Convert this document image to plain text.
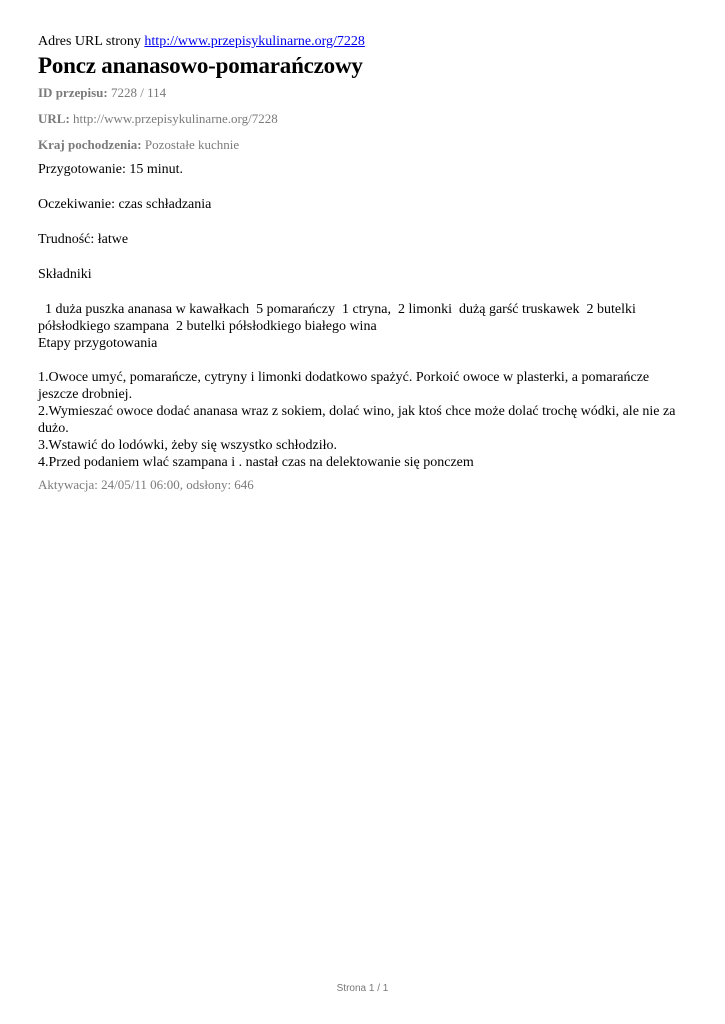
Adres URL strony http://www.przepisykulinarne.org/7228
Poncz ananasowo-pomarańczowy
ID przepisu: 7228 / 114
URL: http://www.przepisykulinarne.org/7228
Kraj pochodzenia: Pozostałe kuchnie
Przygotowanie: 15 minut.
Oczekiwanie: czas schładzania
Trudność: łatwe
Składniki
1 duża puszka ananasa w kawałkach  5 pomarańczy  1 ctryna,  2 limonki  dużą garść truskawek  2 butelki półsłodkiego szampana  2 butelki półsłodkiego białego wina
Etapy przygotowania
1.Owoce umyć, pomarańcze, cytryny i limonki dodatkowo spażyć. Porkoić owoce w plasterki, a pomarańcze jeszcze drobniej.
2.Wymieszać owoce dodać ananasa wraz z sokiem, dolać wino, jak ktoś chce może dolać trochę wódki, ale nie za dużo.
3.Wstawić do lodówki, żeby się wszystko schłodziło.
4.Przed podaniem wlać szampana i . nastał czas na delektowanie się ponczem
Aktywacja: 24/05/11 06:00, odsłony: 646
Strona 1 / 1
